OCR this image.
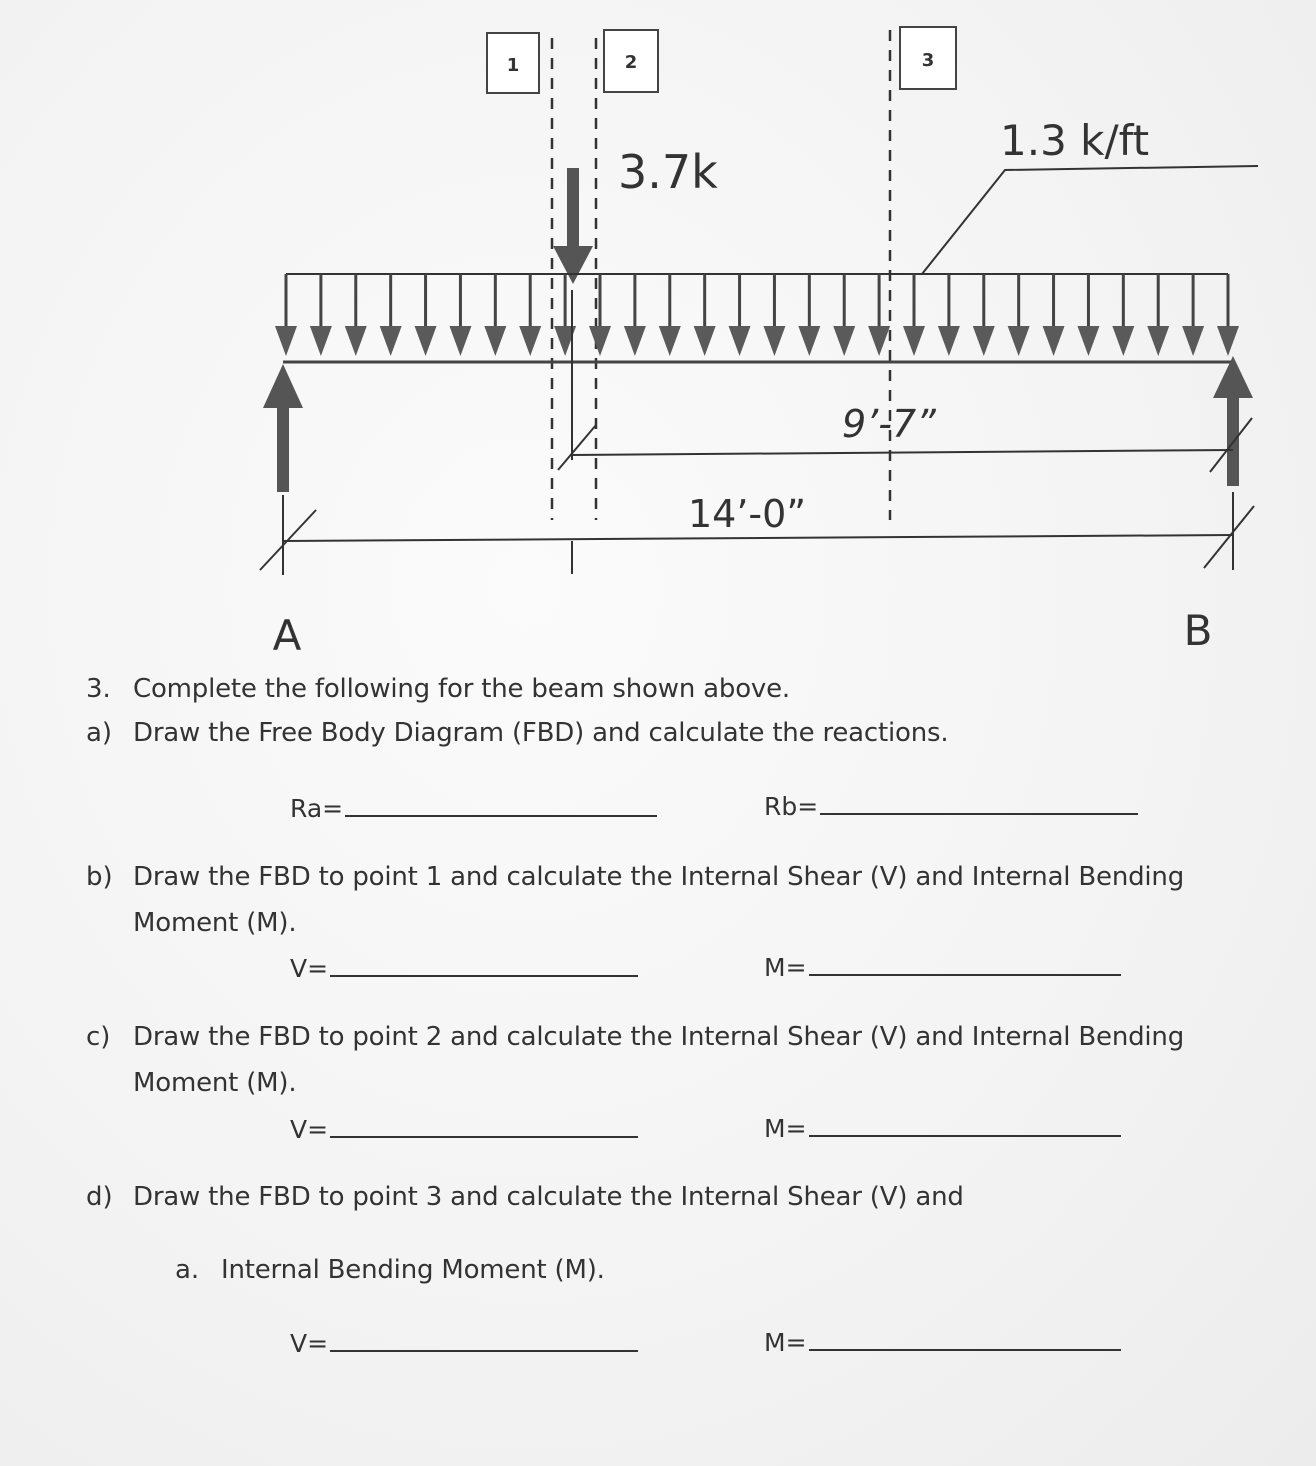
1	2	3
3.7k
1.3 k/ft
9’-7”
14’-0”
A	B
3. Complete the following for the beam shown above.
a) Draw the Free Body Diagram (FBD) and calculate the reactions.
Ra=	Rb=
b) Draw the FBD to point 1 and calculate the Internal Shear (V) and Internal Bending
Moment (M).
V=	M=
c) Draw the FBD to point 2 and calculate the Internal Shear (V) and Internal Bending
Moment (M).
V=	M=
d) Draw the FBD to point 3 and calculate the Internal Shear (V) and
a. Internal Bending Moment (M).
V=	M=
